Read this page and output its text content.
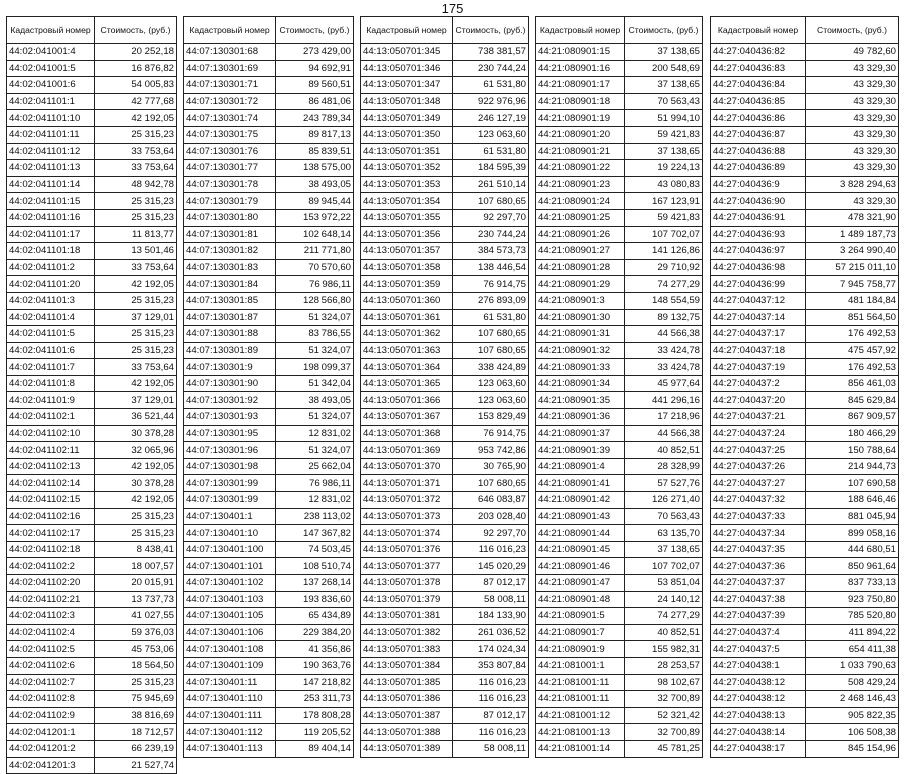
175
Кадастровый номер	Стоимость, (руб.)
44:02:041001:4	20 252,18
44:02:041001:5	16 876,82
44:02:041001:6	54 005,83
44:02:041101:1	42 777,68
44:02:041101:10	42 192,05
44:02:041101:11	25 315,23
44:02:041101:12	33 753,64
44:02:041101:13	33 753,64
44:02:041101:14	48 942,78
44:02:041101:15	25 315,23
44:02:041101:16	25 315,23
44:02:041101:17	11 813,77
44:02:041101:18	13 501,46
44:02:041101:2	33 753,64
44:02:041101:20	42 192,05
44:02:041101:3	25 315,23
44:02:041101:4	37 129,01
44:02:041101:5	25 315,23
44:02:041101:6	25 315,23
44:02:041101:7	33 753,64
44:02:041101:8	42 192,05
44:02:041101:9	37 129,01
44:02:041102:1	36 521,44
44:02:041102:10	30 378,28
44:02:041102:11	32 065,96
44:02:041102:13	42 192,05
44:02:041102:14	30 378,28
44:02:041102:15	42 192,05
44:02:041102:16	25 315,23
44:02:041102:17	25 315,23
44:02:041102:18	8 438,41
44:02:041102:2	18 007,57
44:02:041102:20	20 015,91
44:02:041102:21	13 737,73
44:02:041102:3	41 027,55
44:02:041102:4	59 376,03
44:02:041102:5	45 753,06
44:02:041102:6	18 564,50
44:02:041102:7	25 315,23
44:02:041102:8	75 945,69
44:02:041102:9	38 816,69
44:02:041201:1	18 712,57
44:02:041201:2	66 239,19
44:02:041201:3	21 527,74
Кадастровый номер	Стоимость, (руб.)
44:07:130301:68	273 429,00
44:07:130301:69	94 692,91
44:07:130301:71	89 560,51
44:07:130301:72	86 481,06
44:07:130301:74	243 789,34
44:07:130301:75	89 817,13
44:07:130301:76	85 839,51
44:07:130301:77	138 575,00
44:07:130301:78	38 493,05
44:07:130301:79	89 945,44
44:07:130301:80	153 972,22
44:07:130301:81	102 648,14
44:07:130301:82	211 771,80
44:07:130301:83	70 570,60
44:07:130301:84	76 986,11
44:07:130301:85	128 566,80
44:07:130301:87	51 324,07
44:07:130301:88	83 786,55
44:07:130301:89	51 324,07
44:07:130301:9	198 099,37
44:07:130301:90	51 342,04
44:07:130301:92	38 493,05
44:07:130301:93	51 324,07
44:07:130301:95	12 831,02
44:07:130301:96	51 324,07
44:07:130301:98	25 662,04
44:07:130301:99	76 986,11
44:07:130301:99	12 831,02
44:07:130401:1	238 113,02
44:07:130401:10	147 367,82
44:07:130401:100	74 503,45
44:07:130401:101	108 510,74
44:07:130401:102	137 268,14
44:07:130401:103	193 836,60
44:07:130401:105	65 434,89
44:07:130401:106	229 384,20
44:07:130401:108	41 356,86
44:07:130401:109	190 363,76
44:07:130401:11	147 218,82
44:07:130401:110	253 311,73
44:07:130401:111	178 808,28
44:07:130401:112	119 205,52
44:07:130401:113	89 404,14
Кадастровый номер	Стоимость, (руб.)
44:13:050701:345	738 381,57
44:13:050701:346	230 744,24
44:13:050701:347	61 531,80
44:13:050701:348	922 976,96
44:13:050701:349	246 127,19
44:13:050701:350	123 063,60
44:13:050701:351	61 531,80
44:13:050701:352	184 595,39
44:13:050701:353	261 510,14
44:13:050701:354	107 680,65
44:13:050701:355	92 297,70
44:13:050701:356	230 744,24
44:13:050701:357	384 573,73
44:13:050701:358	138 446,54
44:13:050701:359	76 914,75
44:13:050701:360	276 893,09
44:13:050701:361	61 531,80
44:13:050701:362	107 680,65
44:13:050701:363	107 680,65
44:13:050701:364	338 424,89
44:13:050701:365	123 063,60
44:13:050701:366	123 063,60
44:13:050701:367	153 829,49
44:13:050701:368	76 914,75
44:13:050701:369	953 742,86
44:13:050701:370	30 765,90
44:13:050701:371	107 680,65
44:13:050701:372	646 083,87
44:13:050701:373	203 028,40
44:13:050701:374	92 297,70
44:13:050701:376	116 016,23
44:13:050701:377	145 020,29
44:13:050701:378	87 012,17
44:13:050701:379	58 008,11
44:13:050701:381	184 133,90
44:13:050701:382	261 036,52
44:13:050701:383	174 024,34
44:13:050701:384	353 807,84
44:13:050701:385	116 016,23
44:13:050701:386	116 016,23
44:13:050701:387	87 012,17
44:13:050701:388	116 016,23
44:13:050701:389	58 008,11
Кадастровый номер	Стоимость, (руб.)
44:21:080901:15	37 138,65
44:21:080901:16	200 548,69
44:21:080901:17	37 138,65
44:21:080901:18	70 563,43
44:21:080901:19	51 994,10
44:21:080901:20	59 421,83
44:21:080901:21	37 138,65
44:21:080901:22	19 224,13
44:21:080901:23	43 080,83
44:21:080901:24	167 123,91
44:21:080901:25	59 421,83
44:21:080901:26	107 702,07
44:21:080901:27	141 126,86
44:21:080901:28	29 710,92
44:21:080901:29	74 277,29
44:21:080901:3	148 554,59
44:21:080901:30	89 132,75
44:21:080901:31	44 566,38
44:21:080901:32	33 424,78
44:21:080901:33	33 424,78
44:21:080901:34	45 977,64
44:21:080901:35	441 296,16
44:21:080901:36	17 218,96
44:21:080901:37	44 566,38
44:21:080901:39	40 852,51
44:21:080901:4	28 328,99
44:21:080901:41	57 527,76
44:21:080901:42	126 271,40
44:21:080901:43	70 563,43
44:21:080901:44	63 135,70
44:21:080901:45	37 138,65
44:21:080901:46	107 702,07
44:21:080901:47	53 851,04
44:21:080901:48	24 140,12
44:21:080901:5	74 277,29
44:21:080901:7	40 852,51
44:21:080901:9	155 982,31
44:21:081001:1	28 253,57
44:21:081001:11	98 102,67
44:21:081001:11	32 700,89
44:21:081001:12	52 321,42
44:21:081001:13	32 700,89
44:21:081001:14	45 781,25
Кадастровый номер	Стоимость, (руб.)
44:27:040436:82	49 782,60
44:27:040436:83	43 329,30
44:27:040436:84	43 329,30
44:27:040436:85	43 329,30
44:27:040436:86	43 329,30
44:27:040436:87	43 329,30
44:27:040436:88	43 329,30
44:27:040436:89	43 329,30
44:27:040436:9	3 828 294,63
44:27:040436:90	43 329,30
44:27:040436:91	478 321,90
44:27:040436:93	1 489 187,73
44:27:040436:97	3 264 990,40
44:27:040436:98	57 215 011,10
44:27:040436:99	7 945 758,77
44:27:040437:12	481 184,84
44:27:040437:14	851 564,50
44:27:040437:17	176 492,53
44:27:040437:18	475 457,92
44:27:040437:19	176 492,53
44:27:040437:2	856 461,03
44:27:040437:20	845 629,84
44:27:040437:21	867 909,57
44:27:040437:24	180 466,29
44:27:040437:25	150 788,64
44:27:040437:26	214 944,73
44:27:040437:27	107 690,58
44:27:040437:32	188 646,46
44:27:040437:33	881 045,94
44:27:040437:34	899 058,16
44:27:040437:35	444 680,51
44:27:040437:36	850 961,64
44:27:040437:37	837 733,13
44:27:040437:38	923 750,80
44:27:040437:39	785 520,80
44:27:040437:4	411 894,22
44:27:040437:5	654 411,38
44:27:040438:1	1 033 790,63
44:27:040438:12	508 429,24
44:27:040438:12	2 468 146,43
44:27:040438:13	905 822,35
44:27:040438:14	106 508,38
44:27:040438:17	845 154,96
